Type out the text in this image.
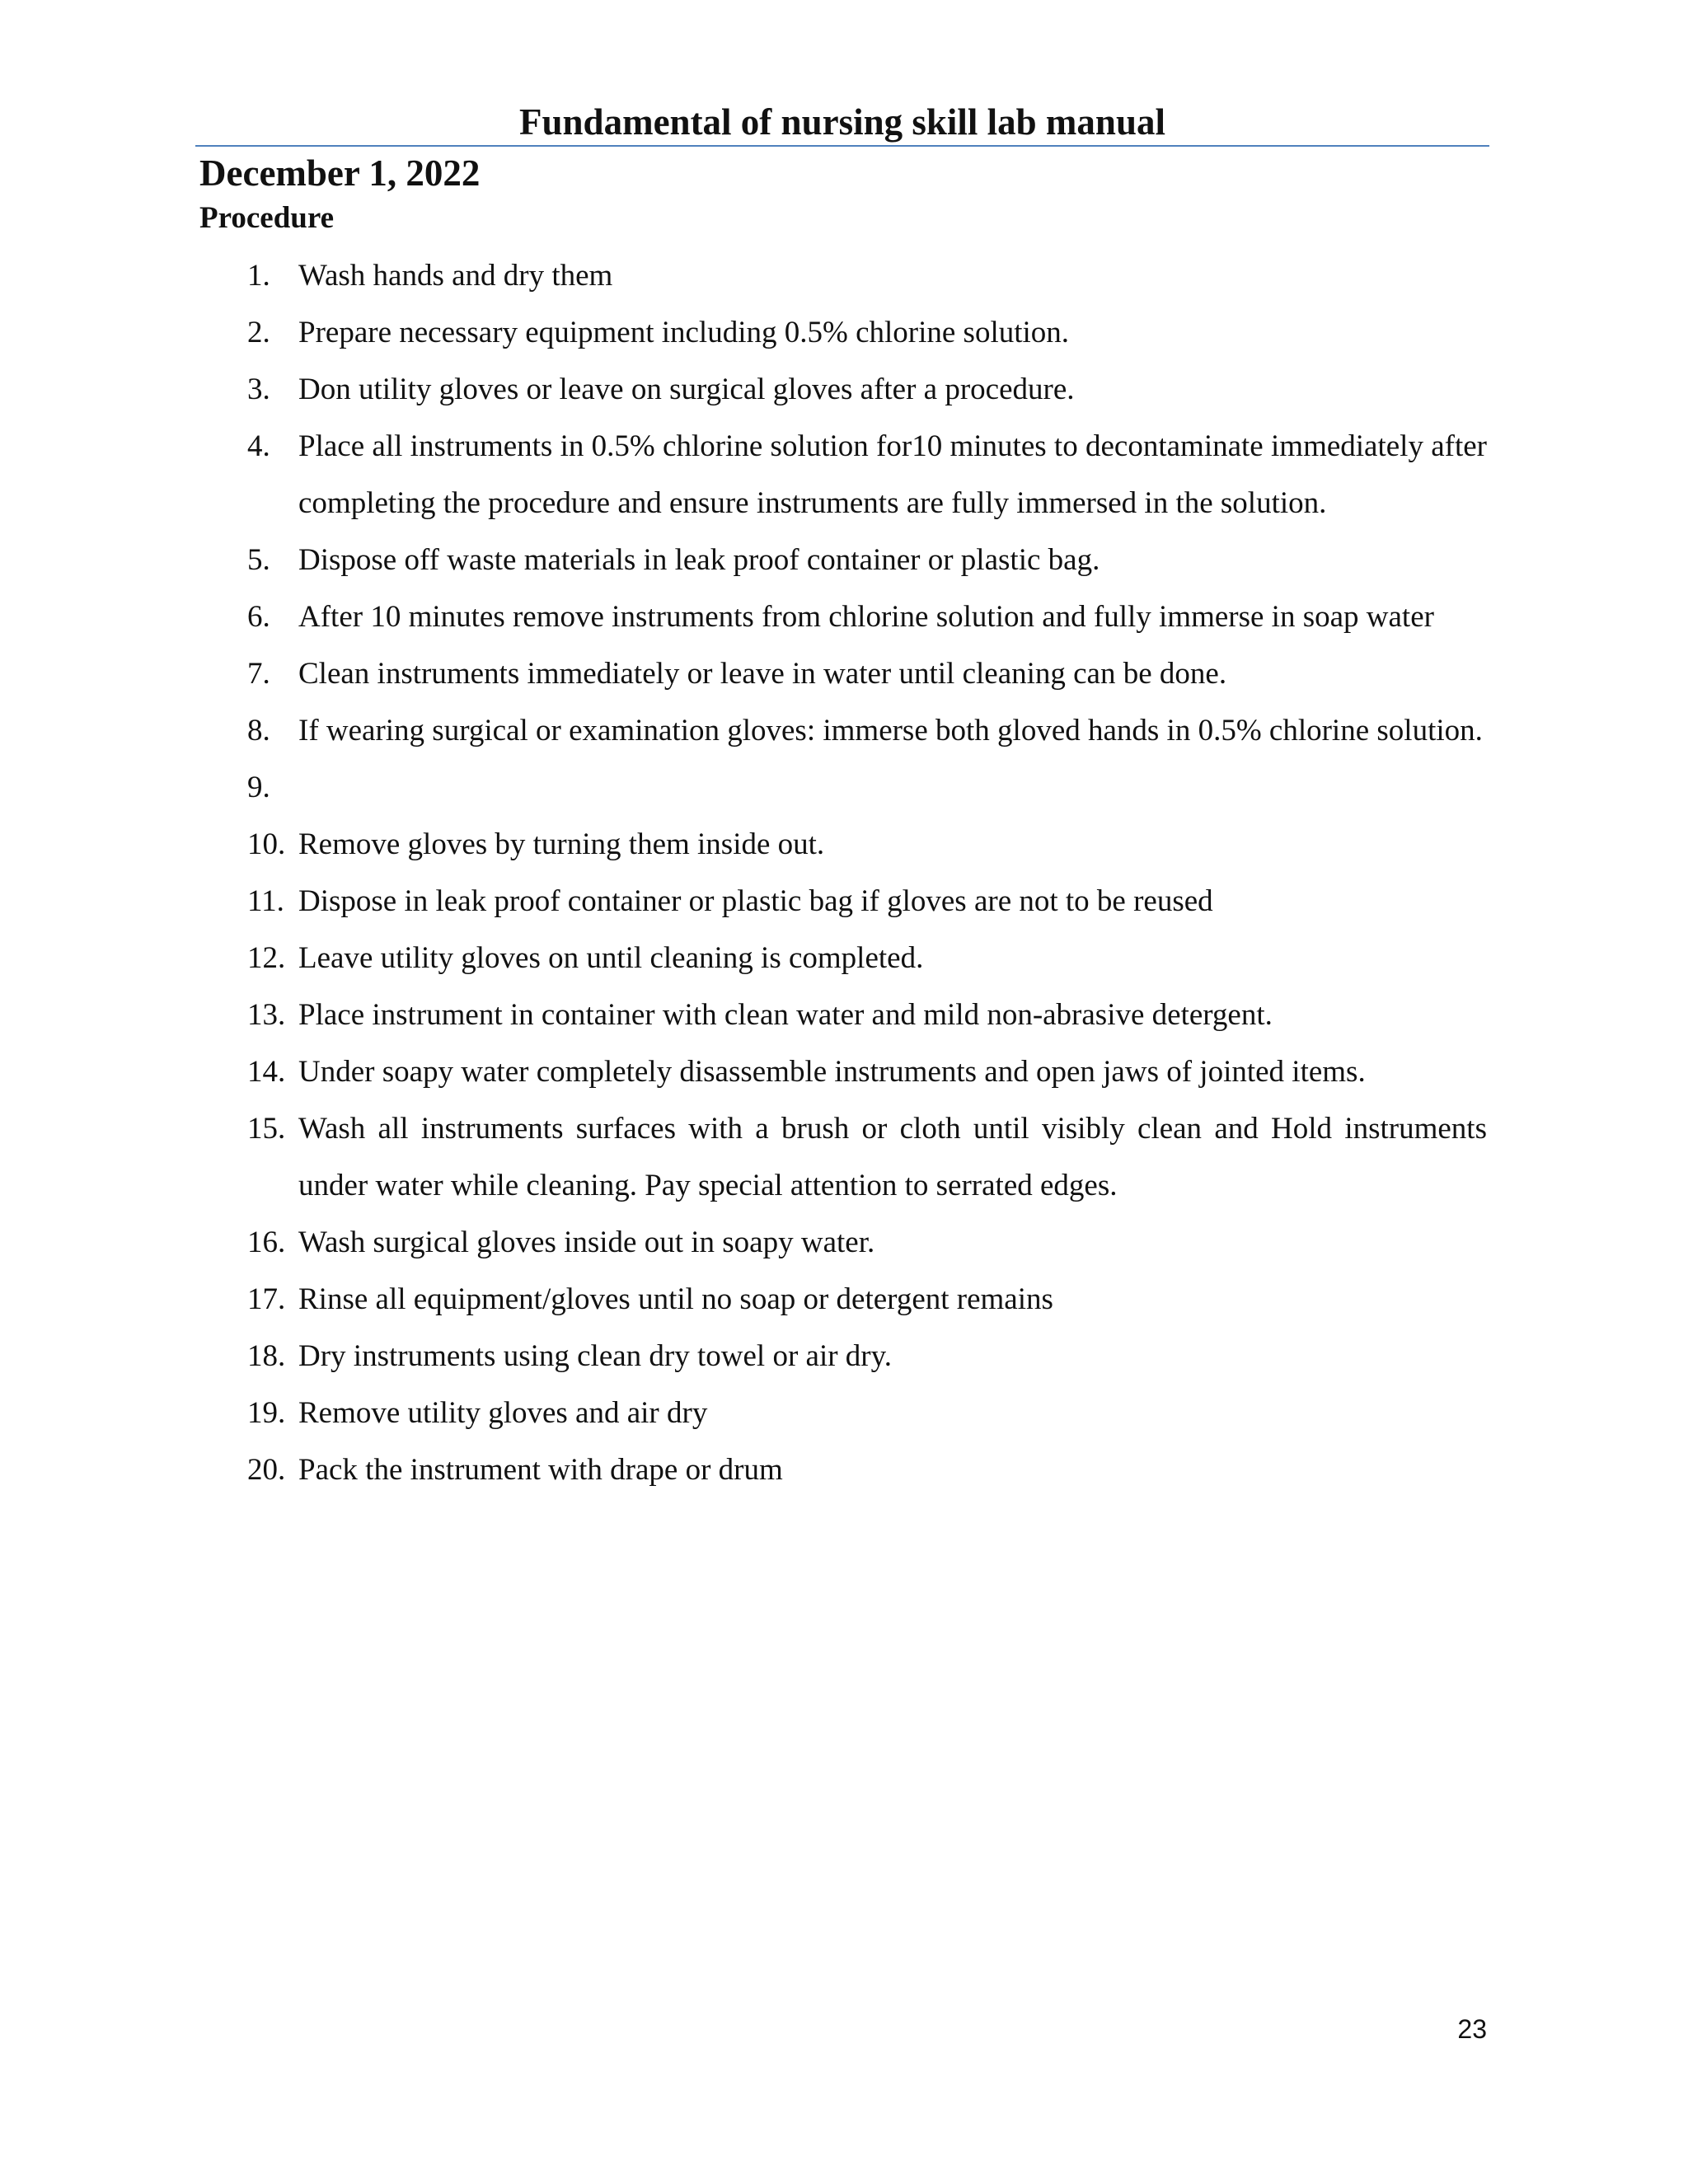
Fundamental of nursing skill lab manual
December 1, 2022
Procedure
1. Wash hands and dry them
2. Prepare necessary equipment including 0.5% chlorine solution.
3. Don utility gloves or leave on surgical gloves after a procedure.
4. Place all instruments in 0.5% chlorine solution for10 minutes to decontaminate immediately after completing the procedure and ensure instruments are fully immersed in the solution.
5. Dispose off waste materials in leak proof container or plastic bag.
6. After 10 minutes remove instruments from chlorine solution and fully immerse in soap water
7. Clean instruments immediately or leave in water until cleaning can be done.
8. If wearing surgical or examination gloves: immerse both gloved hands in 0.5% chlorine solution.
9.
10. Remove gloves by turning them inside out.
11. Dispose in leak proof container or plastic bag if gloves are not to be reused
12. Leave utility gloves on until cleaning is completed.
13. Place instrument in container with clean water and mild non-abrasive detergent.
14. Under soapy water completely disassemble instruments and open jaws of jointed items.
15. Wash all instruments surfaces with a brush or cloth until visibly clean and Hold instruments under water while cleaning. Pay special attention to serrated edges.
16. Wash surgical gloves inside out in soapy water.
17. Rinse all equipment/gloves until no soap or detergent remains
18. Dry instruments using clean dry towel or air dry.
19. Remove utility gloves and air dry
20. Pack the instrument with drape or drum
23
